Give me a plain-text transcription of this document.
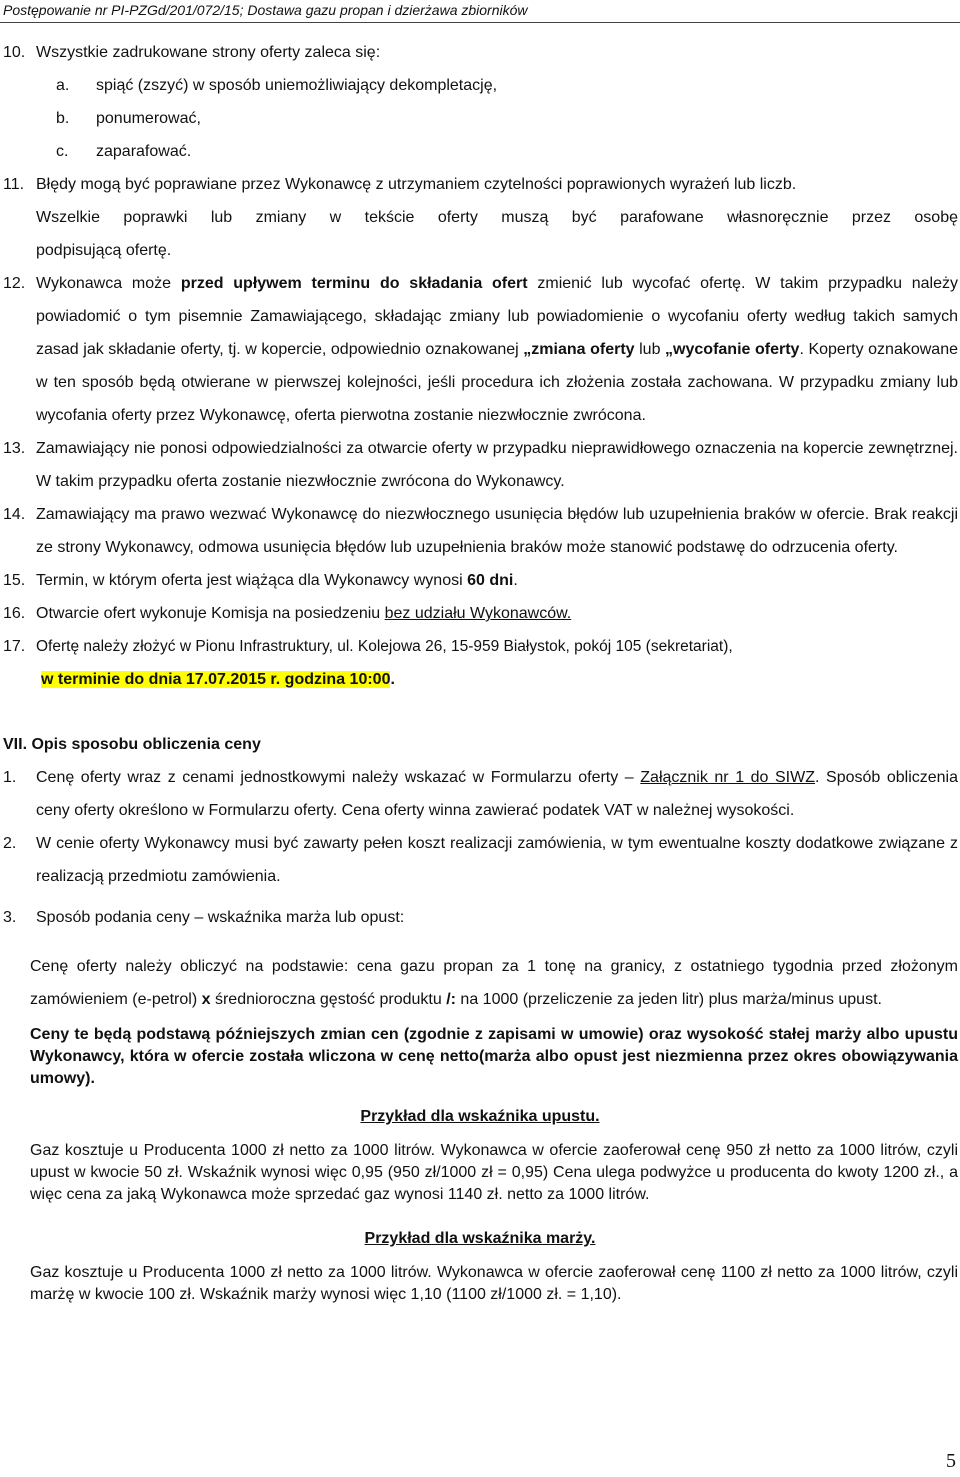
Postępowanie nr PI-PZGd/201/072/15; Dostawa gazu propan i dzierżawa zbiorników
10. Wszystkie zadrukowane strony oferty zaleca się:
a. spiąć (zszyć) w sposób uniemożliwiający dekompletację,
b. ponumerować,
c. zaparafować.
11. Błędy mogą być poprawiane przez Wykonawcę z utrzymaniem czytelności poprawionych wyrażeń lub liczb.
Wszelkie poprawki lub zmiany w tekście oferty muszą być parafowane własnoręcznie przez osobę
podpisującą ofertę.
12. Wykonawca może przed upływem terminu do składania ofert zmienić lub wycofać ofertę. W takim przypadku należy powiadomić o tym pisemnie Zamawiającego, składając zmiany lub powiadomienie o wycofaniu oferty według takich samych zasad jak składanie oferty, tj. w kopercie, odpowiednio oznakowanej „zmiana oferty lub „wycofanie oferty. Koperty oznakowane w ten sposób będą otwierane w pierwszej kolejności, jeśli procedura ich złożenia została zachowana. W przypadku zmiany lub wycofania oferty przez Wykonawcę, oferta pierwotna zostanie niezwłocznie zwrócona.
13. Zamawiający nie ponosi odpowiedzialności za otwarcie oferty w przypadku nieprawidłowego oznaczenia na kopercie zewnętrznej. W takim przypadku oferta zostanie niezwłocznie zwrócona do Wykonawcy.
14. Zamawiający ma prawo wezwać Wykonawcę do niezwłocznego usunięcia błędów lub uzupełnienia braków w ofercie. Brak reakcji ze strony Wykonawcy, odmowa usunięcia błędów lub uzupełnienia braków może stanowić podstawę do odrzucenia oferty.
15. Termin, w którym oferta jest wiążąca dla Wykonawcy wynosi 60 dni.
16. Otwarcie ofert wykonuje Komisja na posiedzeniu bez udziału Wykonawców.
17. Ofertę należy złożyć w Pionu Infrastruktury, ul. Kolejowa 26, 15-959 Białystok, pokój 105 (sekretariat),
w terminie do dnia 17.07.2015 r. godzina 10:00.
VII. Opis sposobu obliczenia ceny
1. Cenę oferty wraz z cenami jednostkowymi należy wskazać w Formularzu oferty – Załącznik nr 1 do SIWZ. Sposób obliczenia ceny oferty określono w Formularzu oferty. Cena oferty winna zawierać podatek VAT w należnej wysokości.
2. W cenie oferty Wykonawcy musi być zawarty pełen koszt realizacji zamówienia, w tym ewentualne koszty dodatkowe związane z realizacją przedmiotu zamówienia.
3. Sposób podania ceny – wskaźnika marża lub opust:
Cenę oferty należy obliczyć na podstawie: cena gazu propan za 1 tonę na granicy, z ostatniego tygodnia przed złożonym zamówieniem (e-petrol) x średnioroczna gęstość produktu /: na 1000 (przeliczenie za jeden litr) plus marża/minus upust.
Ceny te będą podstawą późniejszych zmian cen (zgodnie z zapisami w umowie) oraz wysokość stałej marży albo upustu Wykonawcy, która w ofercie została wliczona w cenę netto(marża albo opust jest niezmienna przez okres obowiązywania umowy).
Przykład dla wskaźnika upustu.
Gaz kosztuje u Producenta 1000 zł netto za 1000 litrów. Wykonawca w ofercie zaoferował cenę 950 zł netto za 1000 litrów, czyli upust w kwocie 50 zł. Wskaźnik wynosi więc 0,95 (950 zł/1000 zł = 0,95) Cena ulega podwyżce u producenta do kwoty 1200 zł., a więc cena za jaką Wykonawca może sprzedać gaz wynosi 1140 zł. netto za 1000 litrów.
Przykład dla wskaźnika marży.
Gaz kosztuje u Producenta 1000 zł netto za 1000 litrów. Wykonawca w ofercie zaoferował cenę 1100 zł netto za 1000 litrów, czyli marżę w kwocie 100 zł. Wskaźnik marży wynosi więc 1,10 (1100 zł/1000 zł. = 1,10).
5
